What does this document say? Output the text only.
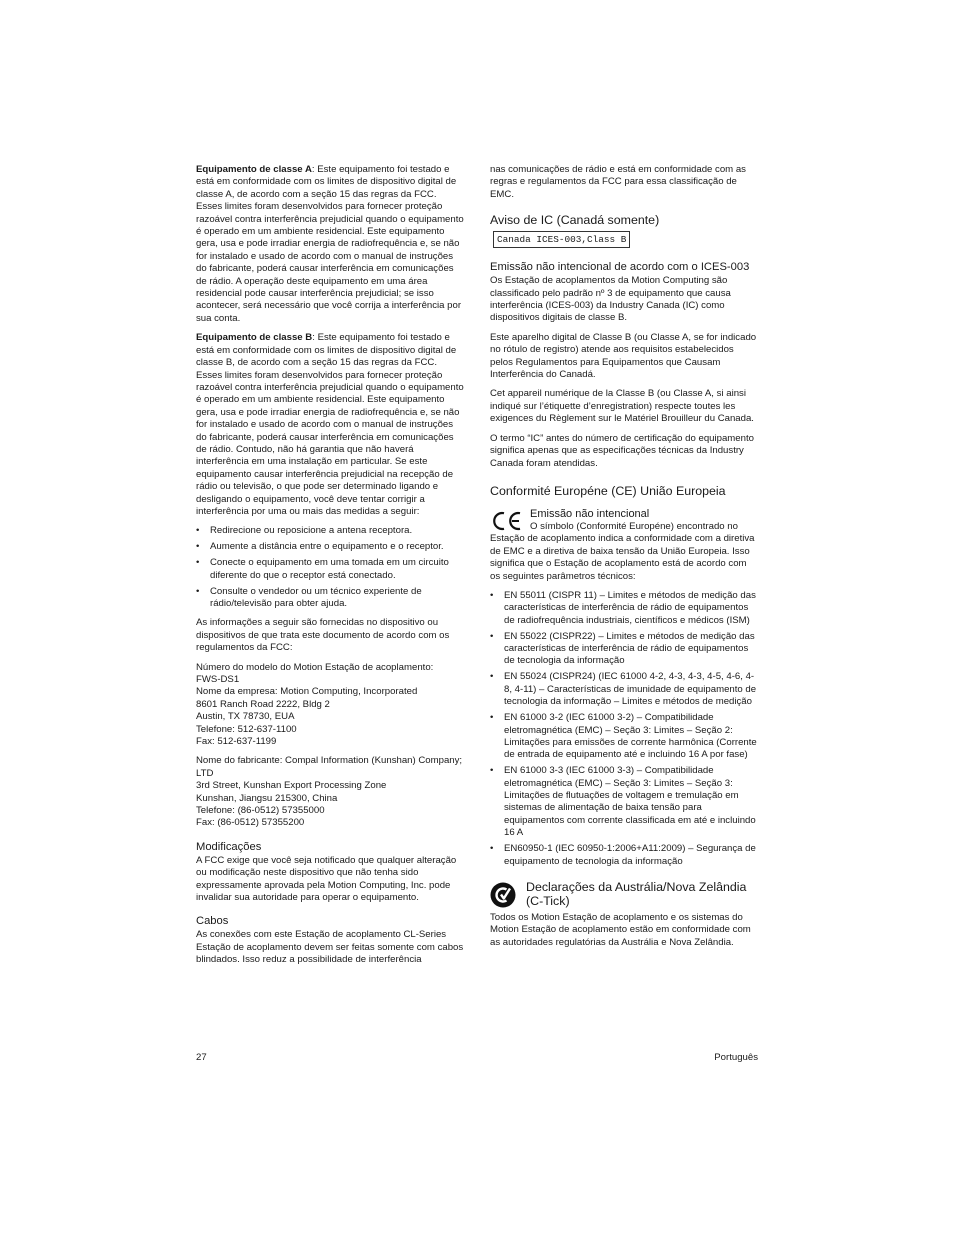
Equipamento de classe A: Este equipamento foi testado e está em conformidade com os limites de dispositivo digital de classe A, de acordo com a seção 15 das regras da FCC. Esses limites foram desenvolvidos para fornecer proteção razoável contra interferência prejudicial quando o equipamento é operado em um ambiente residencial. Este equipamento gera, usa e pode irradiar energia de radiofrequência e, se não for instalado e usado de acordo com o manual de instruções do fabricante, poderá causar interferência em comunicações de rádio. A operação deste equipamento em uma área residencial pode causar interferência prejudicial; se isso acontecer, será necessário que você corrija a interferência por sua conta.

Equipamento de classe B: Este equipamento foi testado e está em conformidade com os limites de dispositivo digital de classe B, de acordo com a seção 15 das regras da FCC. Esses limites foram desenvolvidos para fornecer proteção razoável contra interferência prejudicial quando o equipamento é operado em um ambiente residencial. Este equipamento gera, usa e pode irradiar energia de radiofrequência e, se não for instalado e usado de acordo com o manual de instruções do fabricante, poderá causar interferência em comunicações de rádio. Contudo, não há garantia que não haverá interferência em uma instalação em particular. Se este equipamento causar interferência prejudicial na recepção de rádio ou televisão, o que pode ser determinado ligando e desligando o equipamento, você deve tentar corrigir a interferência por uma ou mais das medidas a seguir:

• Redirecione ou reposicione a antena receptora.
• Aumente a distância entre o equipamento e o receptor.
• Conecte o equipamento em uma tomada em um circuito diferente do que o receptor está conectado.
• Consulte o vendedor ou um técnico experiente de rádio/televisão para obter ajuda.

As informações a seguir são fornecidas no dispositivo ou dispositivos de que trata este documento de acordo com os regulamentos da FCC:

Número do modelo do Motion Estação de acoplamento:
FWS-DS1
Nome da empresa: Motion Computing, Incorporated
8601 Ranch Road 2222, Bldg 2
Austin, TX 78730, EUA
Telefone: 512-637-1100
Fax: 512-637-1199

Nome do fabricante: Compal Information (Kunshan) Company; LTD
3rd Street, Kunshan Export Processing Zone
Kunshan, Jiangsu 215300, China
Telefone: (86-0512) 57355000
Fax: (86-0512) 57355200

Modificações

A FCC exige que você seja notificado que qualquer alteração
ou modificação neste dispositivo que não tenha sido expressamente aprovada pela Motion Computing, Inc. pode invalidar sua autoridade para operar o equipamento.

Cabos

As conexões com este Estação de acoplamento CL-Series Estação de acoplamento devem ser feitas somente com cabos blindados. Isso reduz a possibilidade de interferência

nas comunicações de rádio e está em conformidade com as regras e regulamentos da FCC para essa classificação de EMC.

Aviso de IC (Canadá somente)
Canada ICES-003,Class B
Emissão não intencional de acordo com o ICES-003

Os Estação de acoplamentos da Motion Computing são classificado pelo padrão nº 3 de equipamento que causa interferência (ICES-003) da Industry Canada (IC) como dispositivos digitais de classe B.

Este aparelho digital de Classe B (ou Classe A, se for indicado no rótulo de registro) atende aos requisitos estabelecidos pelos Regulamentos para Equipamentos que Causam Interferência do Canadá.

Cet appareil numérique de la Classe B (ou Classe A, si ainsi indiqué sur l’étiquette d’enregistration) respecte toutes les exigences du Règlement sur le Matériel Brouilleur du Canada.

O termo “IC” antes do número de certificação do equipamento significa apenas que as especificações técnicas da Industry Canada foram atendidas.

Conformité Européne (CE) União Europeia
Emissão não intencional
O símbolo (Conformité Européne) encontrado no

Estação de acoplamento indica a conformidade com a diretiva de EMC e a diretiva de baixa tensão da União Europeia. Isso significa que o Estação de acoplamento está de acordo com os seguintes parâmetros técnicos:

• EN 55011 (CISPR 11) – Limites e métodos de medição das características de interferência de rádio de equipamentos de radiofrequência industriais, científicos e médicos (ISM)
• EN 55022 (CISPR22) – Limites e métodos de medição das características de interferência de rádio de equipamentos de tecnologia da informação
• EN 55024 (CISPR24) (IEC 61000 4-2, 4-3, 4-3, 4-5, 4-6, 4-8, 4-11) – Características de imunidade de equipamento de tecnologia da informação – Limites e métodos de medição
• EN 61000 3-2 (IEC 61000 3-2) – Compatibilidade eletromagnética (EMC) – Seção 3: Limites – Seção 2: Limitações para emissões de corrente harmônica (Corrente de entrada de equipamento até e incluindo 16 A por fase)
• EN 61000 3-3 (IEC 61000 3-3) – Compatibilidade eletromagnética (EMC) – Seção 3: Limites – Seção 3: Limitações de flutuações de voltagem e tremulação em sistemas de alimentação de baixa tensão para equipamentos com corrente classificada em até e incluindo 16 A
• EN60950-1 (IEC 60950-1:2006+A11:2009) – Segurança de equipamento de tecnologia da informação
Declarações da Austrália/Nova Zelândia
(C-Tick)

Todos os Motion Estação de acoplamento e os sistemas do Motion Estação de acoplamento estão em conformidade com as autoridades regulatórias da Austrália e Nova Zelândia.

27	Português
